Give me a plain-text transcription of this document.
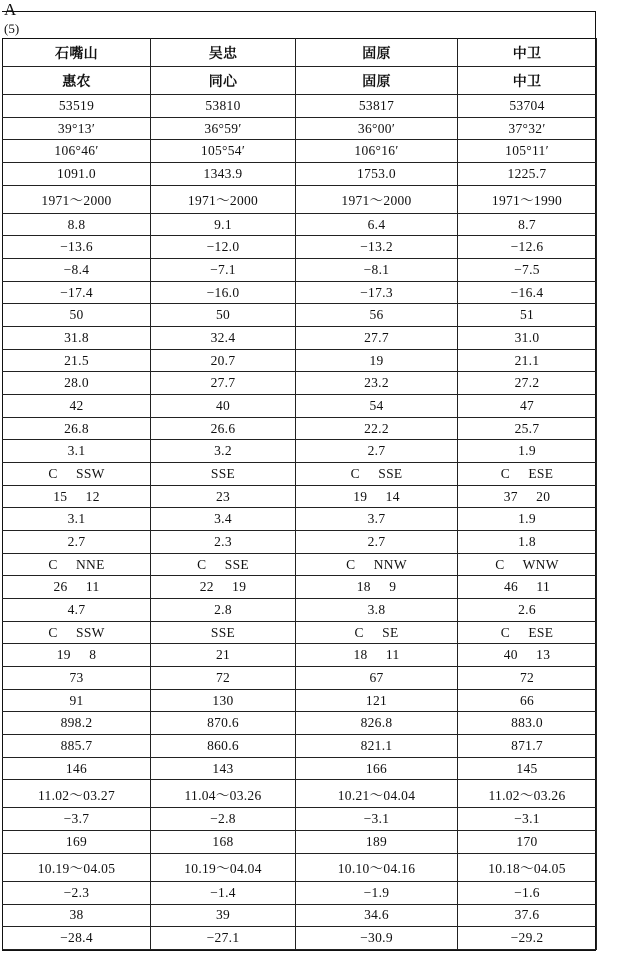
A
(5)
石嘴山	吴忠	固原	中卫
惠农	同心	固原	中卫
53519	53810	53817	53704
39°13′	36°59′	36°00′	37°32′
106°46′	105°54′	106°16′	105°11′
1091.0	1343.9	1753.0	1225.7
1971～2000	1971～2000	1971～2000	1971～1990
8.8	9.1	6.4	8.7
−13.6	−12.0	−13.2	−12.6
−8.4	−7.1	−8.1	−7.5
−17.4	−16.0	−17.3	−16.4
50	50	56	51
31.8	32.4	27.7	31.0
21.5	20.7	19	21.1
28.0	27.7	23.2	27.2
42	40	54	47
26.8	26.6	22.2	25.7
3.1	3.2	2.7	1.9
C     SSW	SSE	C     SSE	C     ESE
15     12	23	19     14	37     20
3.1	3.4	3.7	1.9
2.7	2.3	2.7	1.8
C     NNE	C     SSE	C     NNW	C     WNW
26     11	22     19	18     9	46     11
4.7	2.8	3.8	2.6
C     SSW	SSE	C     SE	C     ESE
19     8	21	18     11	40     13
73	72	67	72
91	130	121	66
898.2	870.6	826.8	883.0
885.7	860.6	821.1	871.7
146	143	166	145
11.02～03.27	11.04～03.26	10.21～04.04	11.02～03.26
−3.7	−2.8	−3.1	−3.1
169	168	189	170
10.19～04.05	10.19～04.04	10.10～04.16	10.18～04.05
−2.3	−1.4	−1.9	−1.6
38	39	34.6	37.6
−28.4	−27.1	−30.9	−29.2
